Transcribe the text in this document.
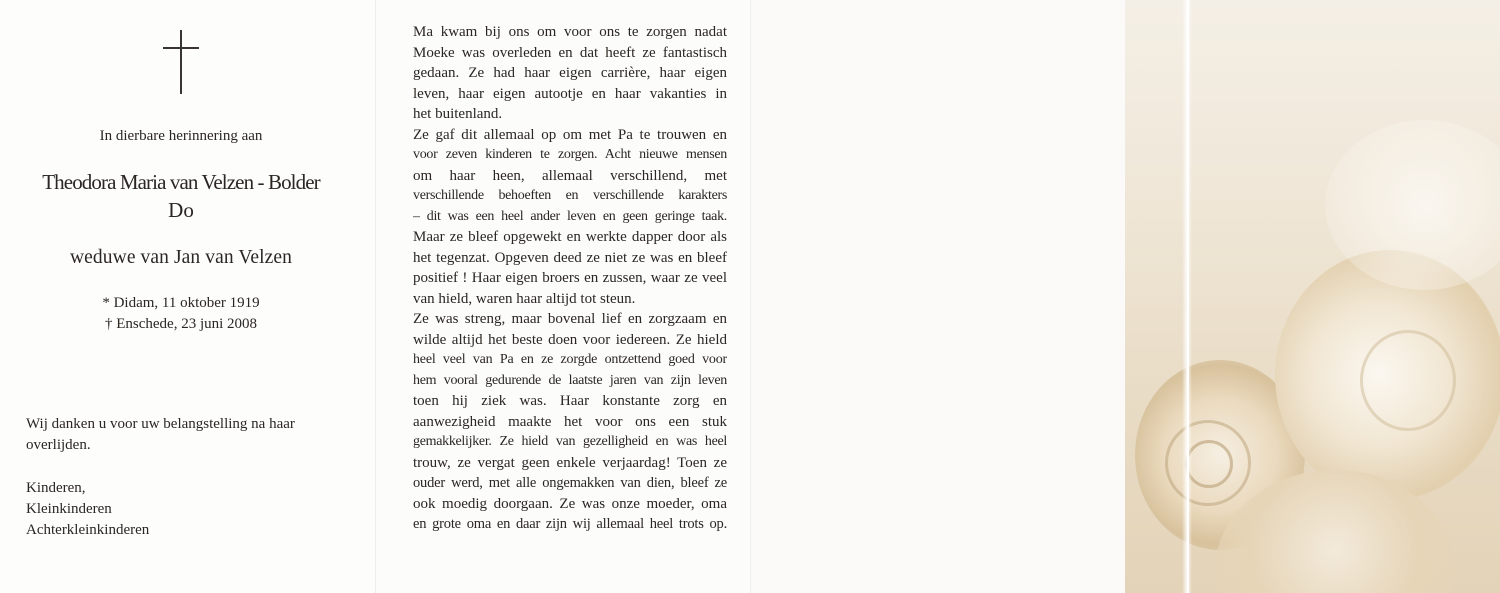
In dierbare herinnering aan
Theodora Maria van Velzen - Bolder
Do
weduwe van Jan van Velzen
* Didam, 11 oktober 1919
† Enschede, 23 juni 2008
Wij danken u voor uw belangstelling na haar
overlijden.
Kinderen,
Kleinkinderen
Achterkleinkinderen
Ma kwam bij ons om voor ons te zorgen nadat
Moeke was overleden en dat heeft ze fantastisch
gedaan. Ze had haar eigen carrière, haar eigen
leven, haar eigen autootje en haar vakanties in
het buitenland.
Ze gaf dit allemaal op om met Pa te trouwen en
voor zeven kinderen te zorgen. Acht nieuwe mensen
om haar heen, allemaal verschillend, met
verschillende behoeften en verschillende karakters
– dit was een heel ander leven en geen geringe taak.
Maar ze bleef opgewekt en werkte dapper door als
het tegenzat. Opgeven deed ze niet ze was en bleef
positief ! Haar eigen broers en zussen, waar ze veel
van hield, waren haar altijd tot steun.
Ze was streng, maar bovenal lief en zorgzaam en
wilde altijd het beste doen voor iedereen. Ze hield
heel veel van Pa en ze zorgde ontzettend goed voor
hem vooral gedurende de laatste jaren van zijn leven
toen hij ziek was. Haar konstante zorg en
aanwezigheid maakte het voor ons een stuk
gemakkelijker. Ze hield van gezelligheid en was heel
trouw, ze vergat geen enkele verjaardag! Toen ze
ouder werd, met alle ongemakken van dien, bleef ze
ook moedig doorgaan. Ze was onze moeder, oma
en grote oma en daar zijn wij allemaal heel trots op.
